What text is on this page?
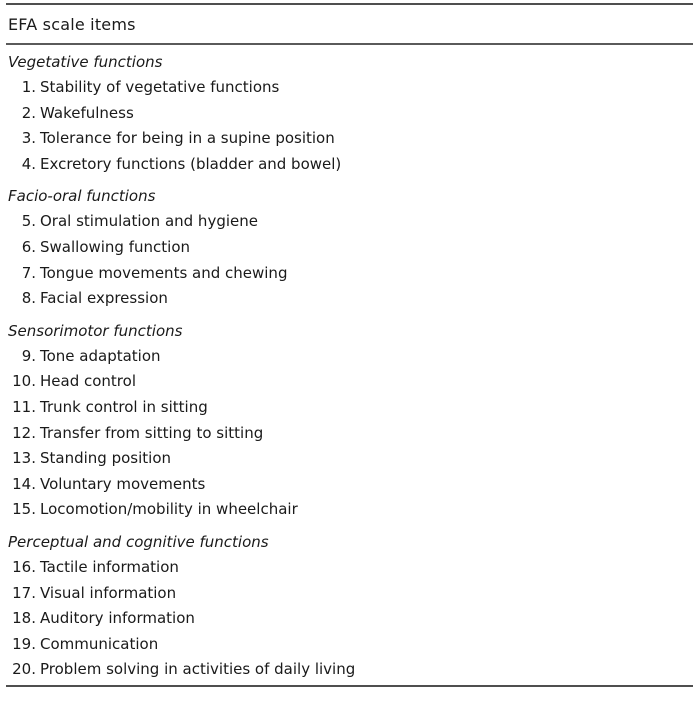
EFA scale items
Vegetative functions
1. Stability of vegetative functions
2. Wakefulness
3. Tolerance for being in a supine position
4. Excretory functions (bladder and bowel)
Facio-oral functions
5. Oral stimulation and hygiene
6. Swallowing function
7. Tongue movements and chewing
8. Facial expression
Sensorimotor functions
9. Tone adaptation
10. Head control
11. Trunk control in sitting
12. Transfer from sitting to sitting
13. Standing position
14. Voluntary movements
15. Locomotion/mobility in wheelchair
Perceptual and cognitive functions
16. Tactile information
17. Visual information
18. Auditory information
19. Communication
20. Problem solving in activities of daily living
